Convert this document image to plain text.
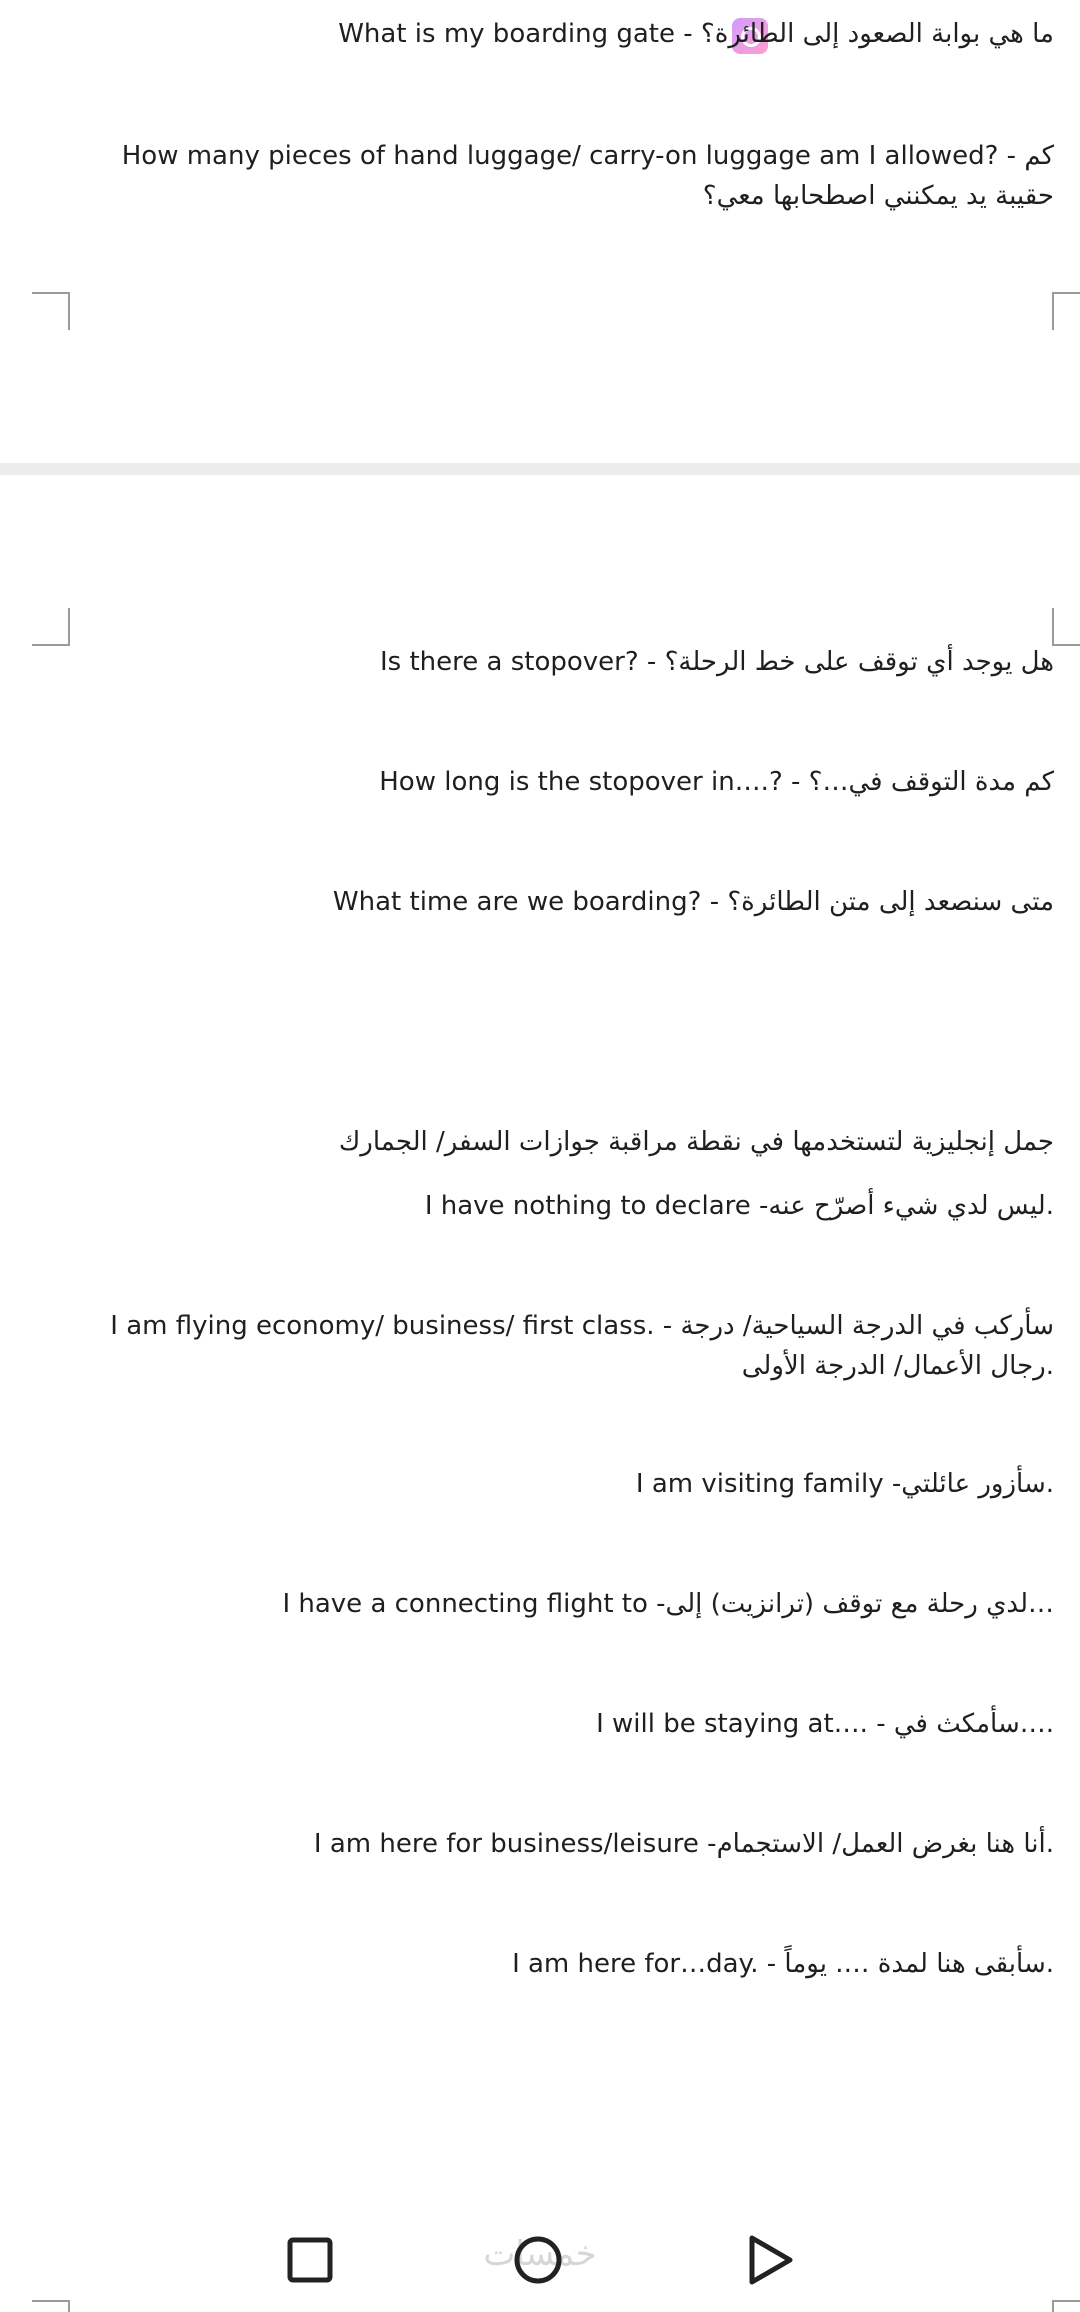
What is my boarding gate - ما هي بوابة الصعود إلى الطائرة؟
How many pieces of hand luggage/ carry-on luggage am I allowed? - كم حقيبة يد يمكنني اصطحابها معي؟
Is there a stopover? - هل يوجد أي توقف على خط الرحلة؟
How long is the stopover in….? - كم مدة التوقف في…؟
What time are we boarding? - متى سنصعد إلى متن الطائرة؟
جمل إنجليزية لتستخدمها في نقطة مراقبة جوازات السفر/ الجمارك
I have nothing to declare -ليس لدي شيء أصرّح عنه.
I am flying economy/ business/ first class. - سأركب في الدرجة السياحية/ درجة رجال الأعمال/ الدرجة الأولى.
I am visiting family -سأزور عائلتي.
I have a connecting flight to -لدي رحلة مع توقف (ترانزيت) إلى…
I will be staying at…. - سأمكث في….
I am here for business/leisure -أنا هنا بغرض العمل/ الاستجمام.
I am here for…day. - سأبقى هنا لمدة …. يوماً.
خمسات
